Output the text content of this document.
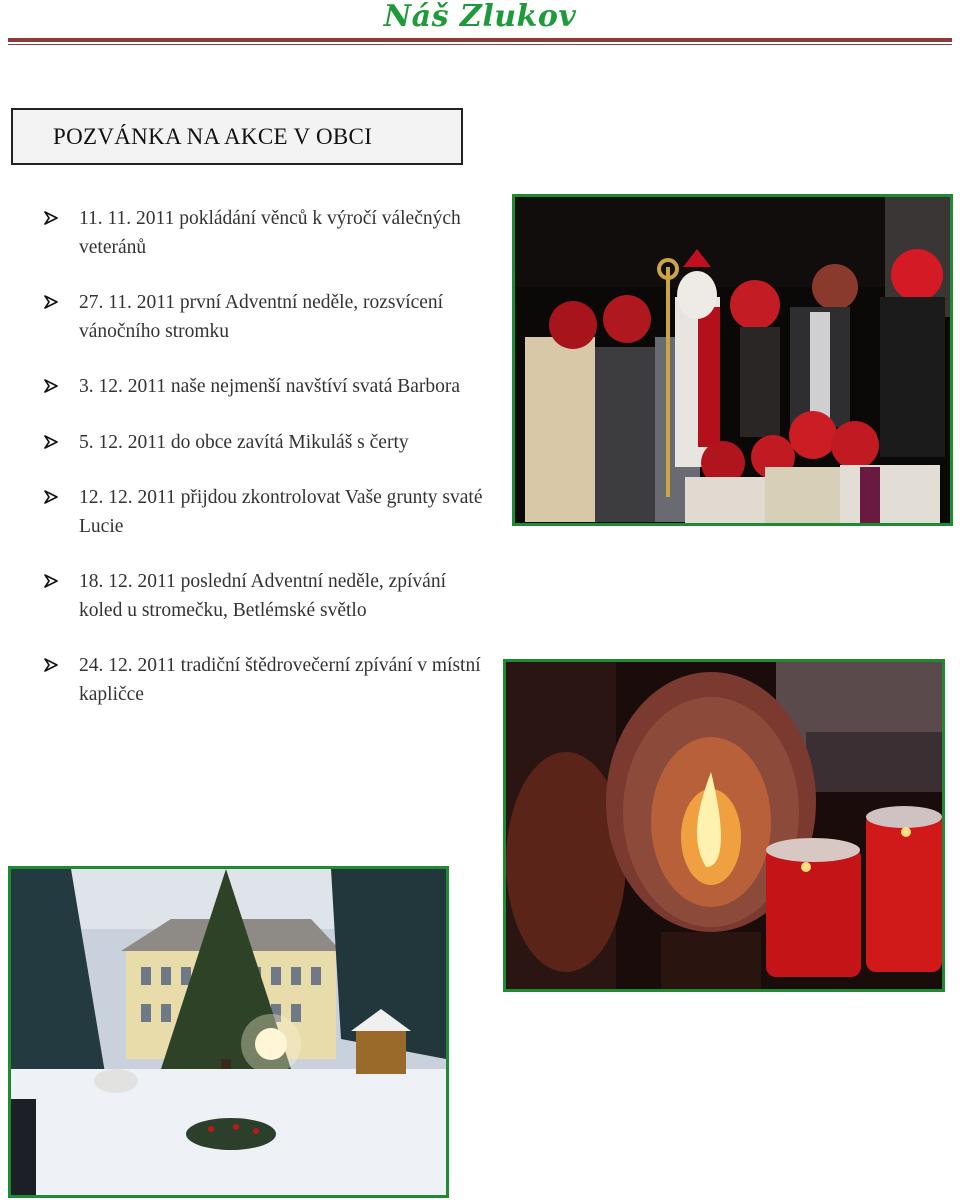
Náš Zlukov
POZVÁNKA NA AKCE V OBCI
11. 11. 2011 pokládání věnců k výročí válečných veteránů
27. 11. 2011 první Adventní neděle, rozsvícení vánočního stromku
3. 12. 2011 naše nejmenší navštíví svatá Barbora
5. 12. 2011 do obce zavítá Mikuláš s čerty
12. 12. 2011 přijdou zkontrolovat Vaše grunty svaté Lucie
18. 12. 2011 poslední Adventní neděle, zpívání koled u stromečku, Betlémské světlo
24. 12. 2011 tradiční štědrovečerní zpívání v místní kapličce
